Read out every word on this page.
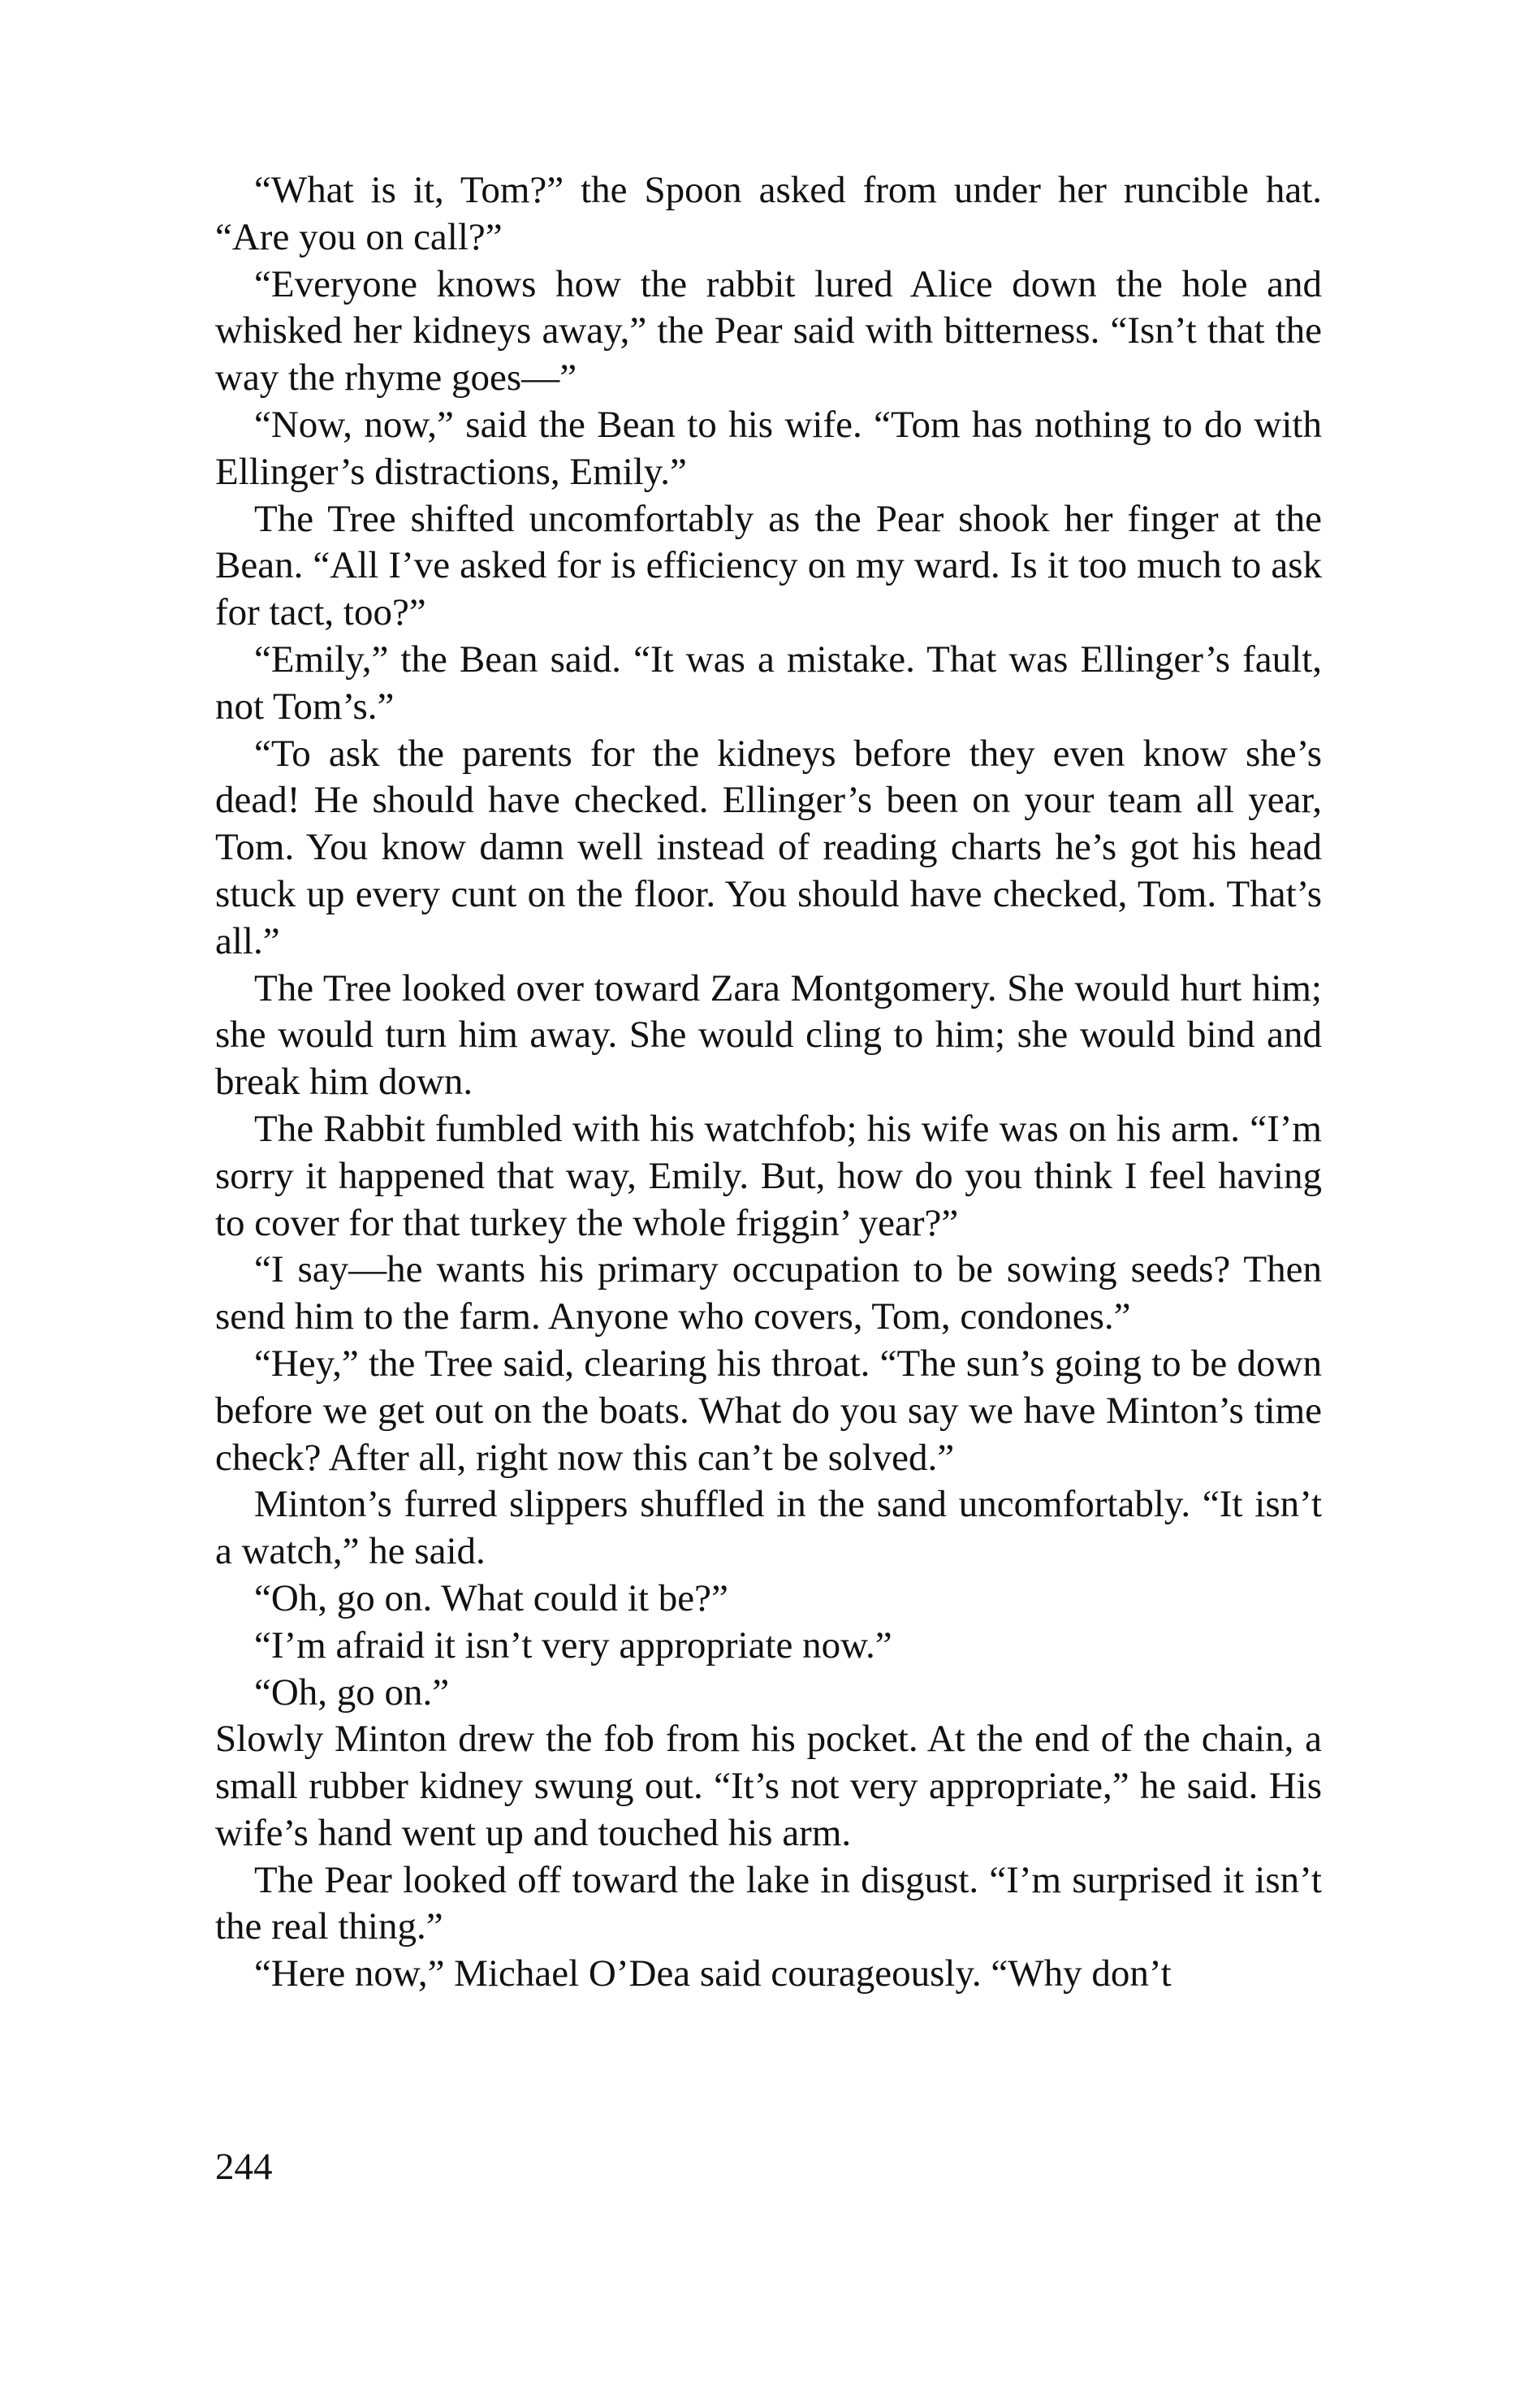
“What is it, Tom?” the Spoon asked from under her runcible hat. “Are you on call?”

“Everyone knows how the rabbit lured Alice down the hole and whisked her kidneys away,” the Pear said with bitterness. “Isn’t that the way the rhyme goes—”

“Now, now,” said the Bean to his wife. “Tom has nothing to do with Ellinger’s distractions, Emily.”

The Tree shifted uncomfortably as the Pear shook her finger at the Bean. “All I’ve asked for is efficiency on my ward. Is it too much to ask for tact, too?”

“Emily,” the Bean said. “It was a mistake. That was Ellinger’s fault, not Tom’s.”

“To ask the parents for the kidneys before they even know she’s dead! He should have checked. Ellinger’s been on your team all year, Tom. You know damn well instead of reading charts he’s got his head stuck up every cunt on the floor. You should have checked, Tom. That’s all.”

The Tree looked over toward Zara Montgomery. She would hurt him; she would turn him away. She would cling to him; she would bind and break him down.

The Rabbit fumbled with his watchfob; his wife was on his arm. “I’m sorry it happened that way, Emily. But, how do you think I feel having to cover for that turkey the whole friggin’ year?”

“I say—he wants his primary occupation to be sowing seeds? Then send him to the farm. Anyone who covers, Tom, condones.”

“Hey,” the Tree said, clearing his throat. “The sun’s going to be down before we get out on the boats. What do you say we have Minton’s time check? After all, right now this can’t be solved.”

Minton’s furred slippers shuffled in the sand uncomfortably. “It isn’t a watch,” he said.

“Oh, go on. What could it be?”

“I’m afraid it isn’t very appropriate now.”

“Oh, go on.”

Slowly Minton drew the fob from his pocket. At the end of the chain, a small rubber kidney swung out. “It’s not very appropriate,” he said. His wife’s hand went up and touched his arm.

The Pear looked off toward the lake in disgust. “I’m surprised it isn’t the real thing.”

“Here now,” Michael O’Dea said courageously. “Why don’t

244
